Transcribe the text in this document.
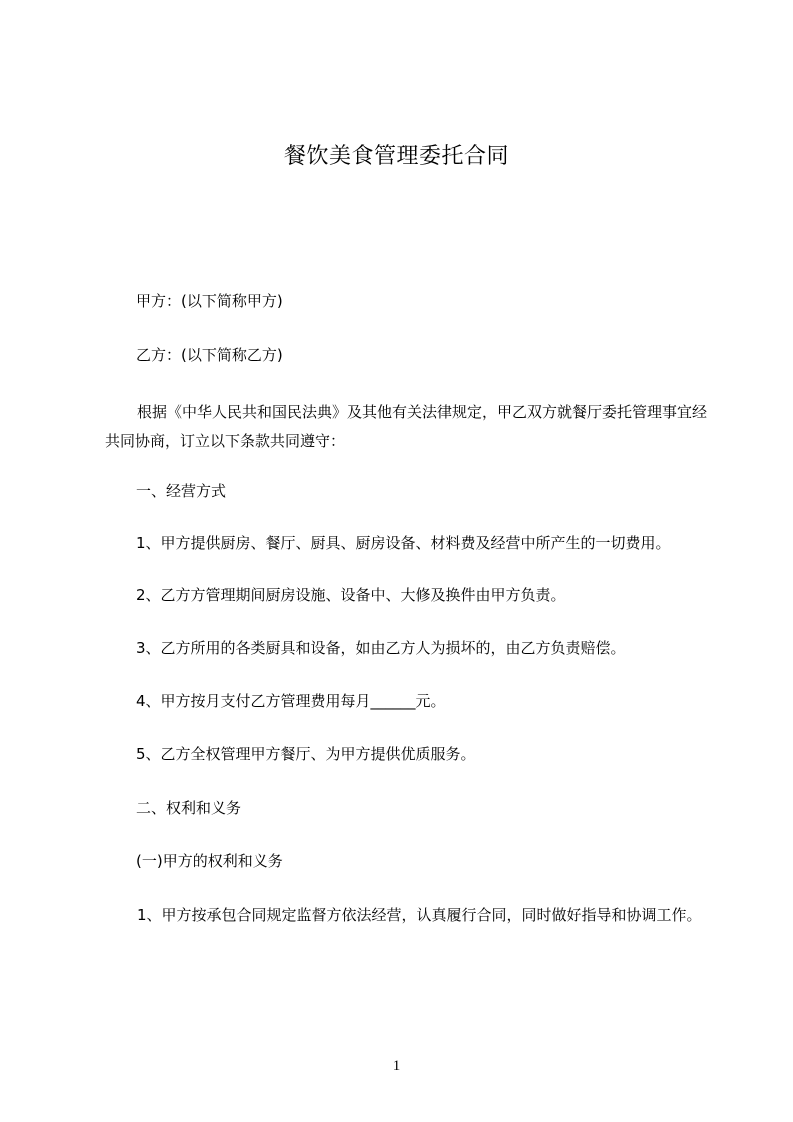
餐饮美食管理委托合同
甲方：(以下简称甲方)
乙方：(以下简称乙方)
根据《中华人民共和国民法典》及其他有关法律规定，甲乙双方就餐厅委托管理事宜经共同协商，订立以下条款共同遵守：
一、经营方式
1、甲方提供厨房、餐厅、厨具、厨房设备、材料费及经营中所产生的一切费用。
2、乙方方管理期间厨房设施、设备中、大修及换件由甲方负责。
3、乙方所用的各类厨具和设备，如由乙方人为损坏的，由乙方负责赔偿。
4、甲方按月支付乙方管理费用每月______元。
5、乙方全权管理甲方餐厅、为甲方提供优质服务。
二、权利和义务
(一)甲方的权利和义务
1、甲方按承包合同规定监督方依法经营，认真履行合同，同时做好指导和协调工作。
1
